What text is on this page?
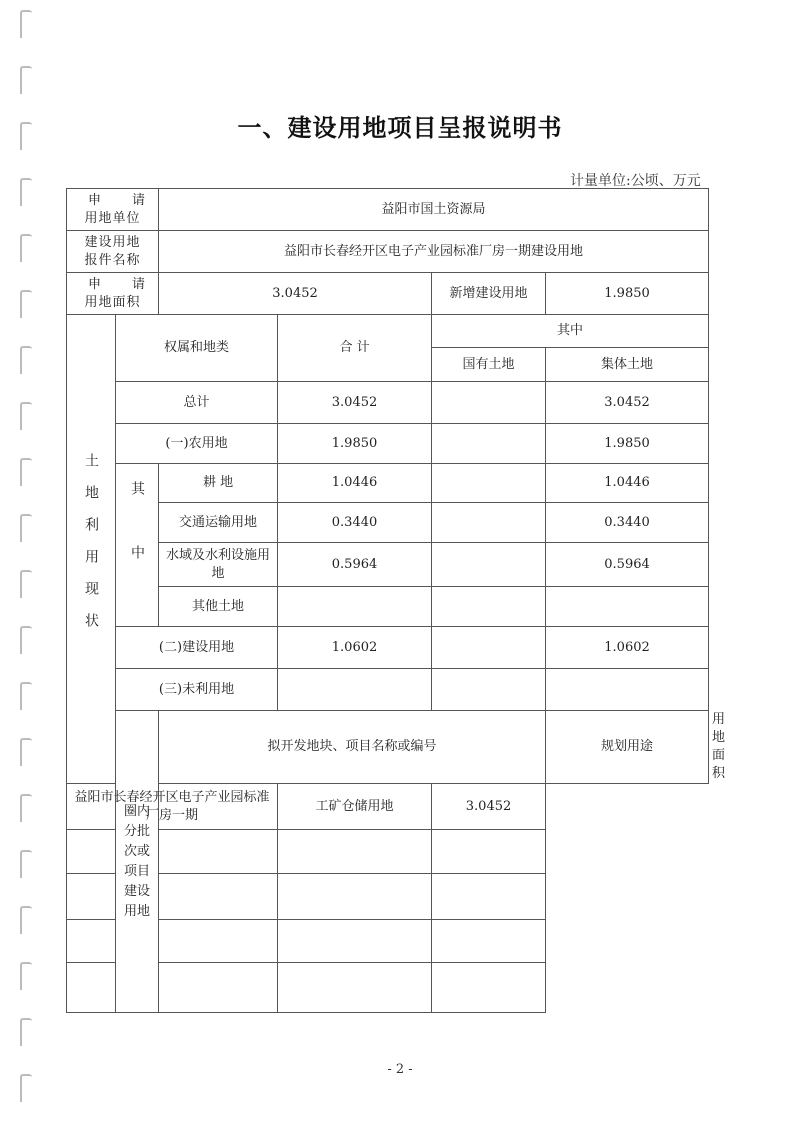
一、建设用地项目呈报说明书
计量单位:公顷、万元
申 请
用地单位		益阳市国土资源局				

建设用地
报件名称		益阳市长春经开区电子产业园标准厂房一期建设用地				

申 请
用地面积		3.0452		新增建设用地	1.9850	

土地利用现状	权属和地类		合 计	其中		
				国有土地	集体土地	
	总计		3.0452		3.0452	
	(一)农用地		1.9850		1.9850	

	其中	耕 地	1.0446		1.0446	
		交通运输用地	0.3440		0.3440	
		水域及水利设施用地	0.5964		0.5964	
		其他土地				
	(二)建设用地		1.0602		1.0602	
	(三)未利用地					

	圈内分批次或项目建设用地	拟开发地块、项目名称或编号			规划用途	用地面积
益阳市长春经开区电子产业园标准厂房一期			工矿仓储用地	3.0452		

- 2 -
